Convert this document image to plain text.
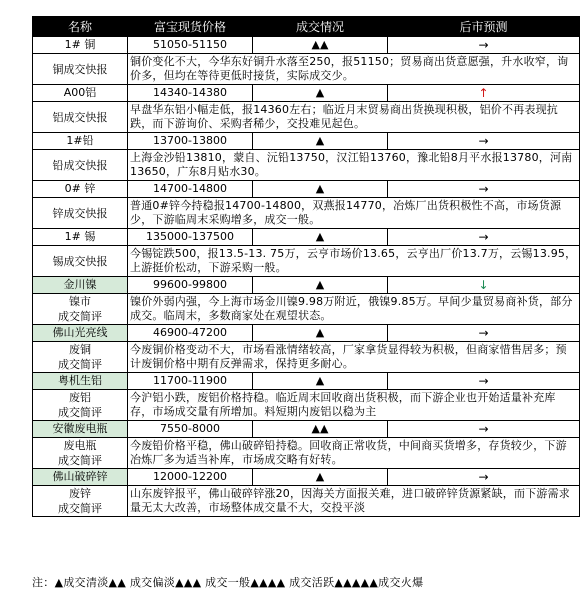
名称	富宝现货价格	成交情况	后市预测
1# 铜	51050-51150	▲▲	→
铜成交快报	铜价变化不大，今华东好铜升水落至250，报51150；贸易商出货意愿强，升水收窄，询价多，但均在等待更低时接货，实际成交少。		
A00铝	14340-14380	▲	↑
铝成交快报	早盘华东铝小幅走低，报14360左右；临近月末贸易商出货换现积极，铝价不再表现抗跌，而下游询价、采购者稀少，交投难见起色。		
1#铅	13700-13800	▲	→
铅成交快报	上海金沙铅13810，蒙自、沅铅13750，汉江铅13760，豫北铅8月平水报13780，河南13650，广东8月贴水30。		
0# 锌	14700-14800	▲	→
锌成交快报	普通0#锌今持稳报14700-14800，双燕报14770，冶炼厂出货积极性不高，市场货源少，下游临周末采购增多，成交一般。		
1# 锡	135000-137500	▲	→
锡成交快报	今锡锭跌500，报13.5-13. 75万，云亨市场价13.65，云亨出厂价13.7万，云锡13.95，上游挺价松动，下游采购一般。		
金川镍	99600-99800	▲	↓
镍市
成交简评	镍价外弱内强，今上海市场金川镍9.98万附近，俄镍9.85万。早间少量贸易商补货，部分成交。临周末，多数商家处在观望状态。		
佛山光亮线	46900-47200	▲	→
废铜
成交简评	今废铜价格变动不大，市场看涨情绪较高，厂家拿货显得较为积极，但商家惜售居多；预计废铜价格中期有反弹需求，保持更多耐心。		
粤机生铝	11700-11900	▲	→
废铝
成交简评	今沪铝小跌，废铝价格持稳。临近周末回收商出货积极，而下游企业也开始适量补充库存，市场成交量有所增加。料短期内废铝以稳为主		
安徽废电瓶	7550-8000	▲▲	→
废电瓶
成交简评	今废铅价格平稳，佛山破碎铅持稳。回收商正常收货，中间商买货增多，存货较少，下游冶炼厂多为适当补库，市场成交略有好转。		
佛山破碎锌	12000-12200	▲	→
废锌
成交简评	山东废锌报平，佛山破碎锌涨20，因海关方面报关难，进口破碎锌货源紧缺，而下游需求量无太大改善，市场整体成交量不大，交投平淡		
注：▲成交清淡▲▲ 成交偏淡▲▲▲ 成交一般▲▲▲▲ 成交活跃▲▲▲▲▲成交火爆
